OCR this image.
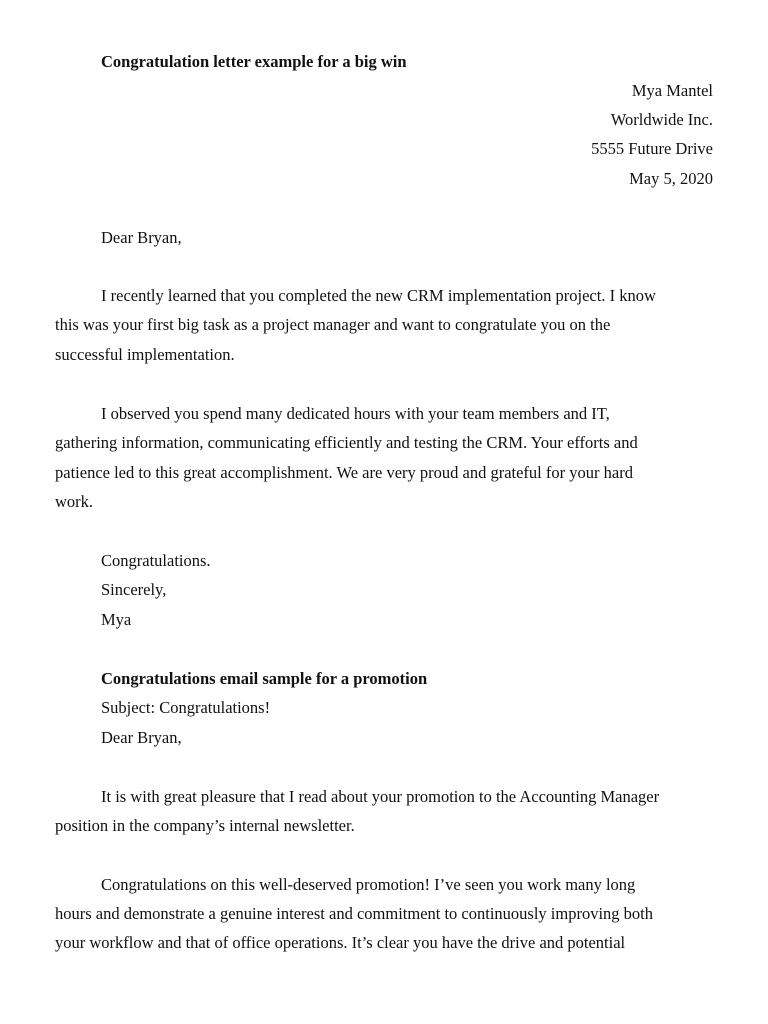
Congratulation letter example for a big win
Mya Mantel
Worldwide Inc.
5555 Future Drive
May 5, 2020
Dear Bryan,
I recently learned that you completed the new CRM implementation project. I know
this was your first big task as a project manager and want to congratulate you on the
successful implementation.
I observed you spend many dedicated hours with your team members and IT,
gathering information, communicating efficiently and testing the CRM. Your efforts and
patience led to this great accomplishment. We are very proud and grateful for your hard
work.
Congratulations.
Sincerely,
Mya
Congratulations email sample for a promotion
Subject: Congratulations!
Dear Bryan,
It is with great pleasure that I read about your promotion to the Accounting Manager
position in the company’s internal newsletter.
Congratulations on this well-deserved promotion! I’ve seen you work many long
hours and demonstrate a genuine interest and commitment to continuously improving both
your workflow and that of office operations. It’s clear you have the drive and potential
